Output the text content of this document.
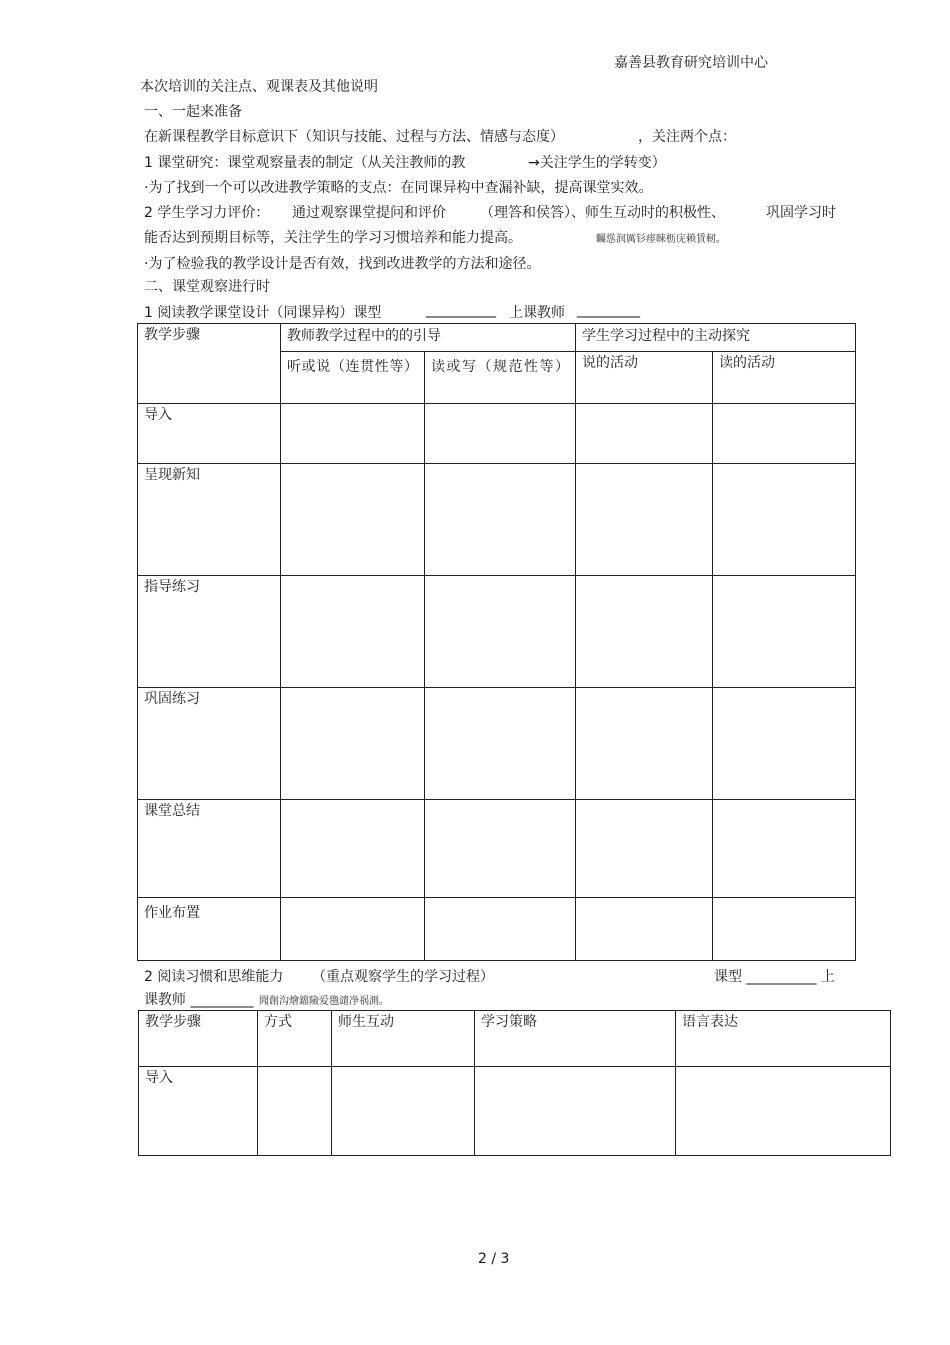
嘉善县教育研究培训中心
本次培训的关注点、观课表及其他说明
一、一起来准备
在新课程教学目标意识下（知识与技能、过程与方法、情感与态度）	，关注两个点：
1 课堂研究：课堂观察量表的制定（从关注教师的教	→关注学生的学转变）
·为了找到一个可以改进教学策略的支点：在同课异构中查漏补缺，提高课堂实效。
2 学生学习力评价： 通过观察课堂提问和评价 （理答和侯答）、师生互动时的积极性、	巩固学习时
能否达到预期目标等，关注学生的学习习惯培养和能力提高。	矚慫润厲钐瘗睞枥庑赖賃軔。
·为了检验我的教学设计是否有效，找到改进教学的方法和途径。
二、课堂观察进行时
1 阅读教学课堂设计（同课异构）课型	__________ 上课教师 _________
教学步骤	教师教学过程中的的引导		学生学习过程中的主动探究	

	听或说（连贯性等）	读或写（规范性等）	说的活动	读的活动

导入				

呈现新知				

指导练习				

巩固练习				

课堂总结				

作业布置				

2 阅读习惯和思维能力 （重点观察学生的学习过程）	课型 __________ 上
课教师 _________ 聞創沟燴鐺險爱氇谴净祸測。
教学步骤	方式	师生互动	学习策略	语言表达

导入				

2 / 3
